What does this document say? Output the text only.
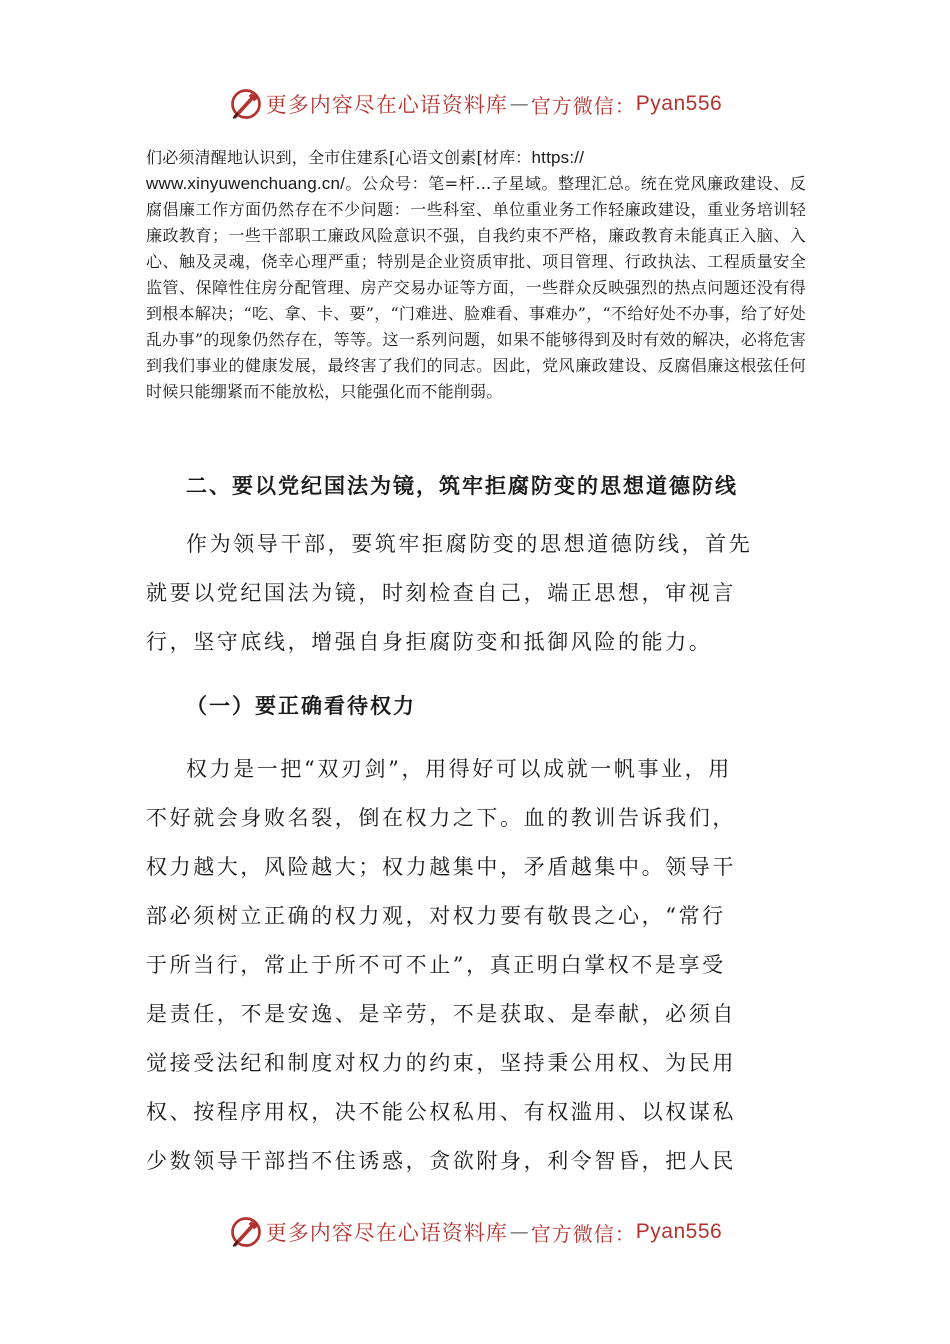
更多内容尽在心语资料库 — 官方微信： Pyan556
们必须清醒地认识到，全市住建系[心语文创素[材库：https://
www.xinyuwenchuang.cn/。公众号：笔=杆…子星域。整理汇总。统在党风廉政建设、反腐倡廉工作方面仍然存在不少问题：一些科室、单位重业务工作轻廉政建设，重业务培训轻廉政教育；一些干部职工廉政风险意识不强，自我约束不严格，廉政教育未能真正入脑、入心、触及灵魂，侥幸心理严重；特别是企业资质审批、项目管理、行政执法、工程质量安全监管、保障性住房分配管理、房产交易办证等方面，一些群众反映强烈的热点问题还没有得到根本解决；“吃、拿、卡、要”，“门难进、脸难看、事难办”，“不给好处不办事，给了好处乱办事”的现象仍然存在，等等。这一系列问题，如果不能够得到及时有效的解决，必将危害到我们事业的健康发展，最终害了我们的同志。因此，党风廉政建设、反腐倡廉这根弦任何时候只能绷紧而不能放松，只能强化而不能削弱。
二、要以党纪国法为镜，筑牢拒腐防变的思想道德防线
作为领导干部，要筑牢拒腐防变的思想道德防线，首先
就要以党纪国法为镜，时刻检查自己，端正思想，审视言
行，坚守底线，增强自身拒腐防变和抵御风险的能力。
（一）要正确看待权力
权力是一把“双刃剑”，用得好可以成就一帆事业，用
不好就会身败名裂，倒在权力之下。血的教训告诉我们，
权力越大，风险越大；权力越集中，矛盾越集中。领导干
部必须树立正确的权力观，对权力要有敬畏之心，“常行
于所当行，常止于所不可不止”，真正明白掌权不是享受
是责任，不是安逸、是辛劳，不是获取、是奉献，必须自
觉接受法纪和制度对权力的约束，坚持秉公用权、为民用
权、按程序用权，决不能公权私用、有权滥用、以权谋私
少数领导干部挡不住诱惑，贪欲附身，利令智昏，把人民
更多内容尽在心语资料库 — 官方微信： Pyan556
